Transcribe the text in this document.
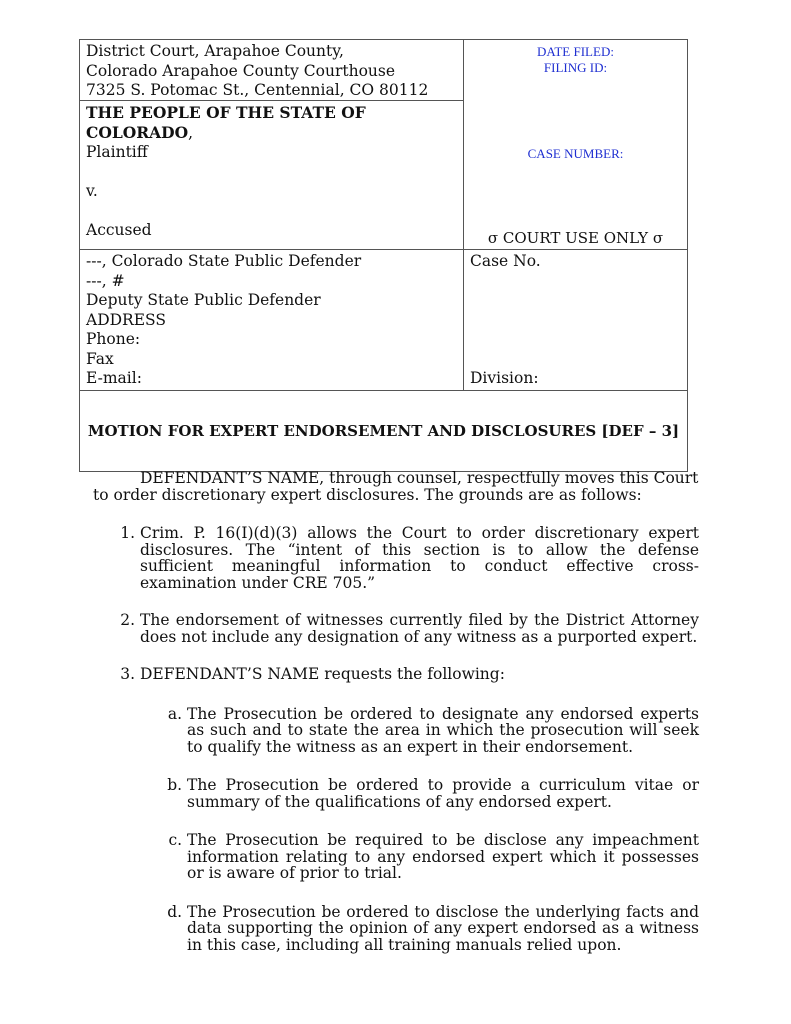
District Court, Arapahoe County,
Colorado Arapahoe County Courthouse
7325 S. Potomac St., Centennial, CO 80112
THE PEOPLE OF THE STATE OF
COLORADO,
Plaintiff
v.
Accused
DATE FILED:
FILING ID:
CASE NUMBER:
σ COURT USE ONLY σ
---, Colorado State Public Defender
---, #
Deputy State Public Defender
ADDRESS
Phone:
Fax
E-mail:
Case No.
Division:
MOTION FOR EXPERT ENDORSEMENT AND DISCLOSURES [DEF – 3]

DEFENDANT’S NAME, through counsel, respectfully moves this Court to order discretionary expert disclosures. The grounds are as follows:

1. Crim. P. 16(I)(d)(3) allows the Court to order discretionary expert disclosures. The “intent of this section is to allow the defense sufficient meaningful information to conduct effective cross-examination under CRE 705.”
2. The endorsement of witnesses currently filed by the District Attorney does not include any designation of any witness as a purported expert.
3. DEFENDANT’S NAME requests the following:
a. The Prosecution be ordered to designate any endorsed experts as such and to state the area in which the prosecution will seek to qualify the witness as an expert in their endorsement.
b. The Prosecution be ordered to provide a curriculum vitae or summary of the qualifications of any endorsed expert.
c. The Prosecution be required to be disclose any impeachment information relating to any endorsed expert which it possesses or is aware of prior to trial.
d. The Prosecution be ordered to disclose the underlying facts and data supporting the opinion of any expert endorsed as a witness in this case, including all training manuals relied upon.
